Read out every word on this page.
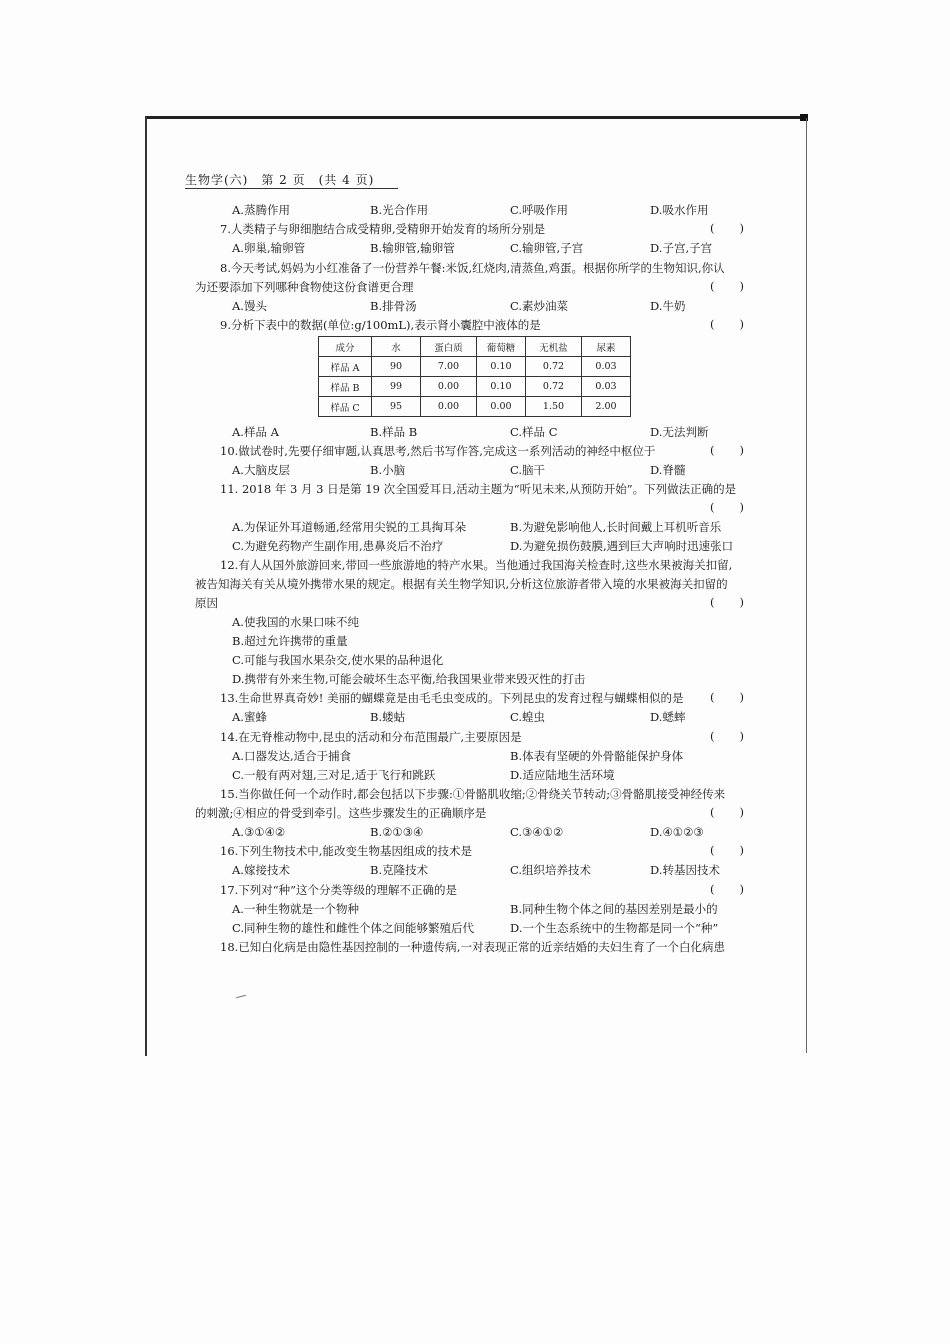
生物学(六)　第 2 页　(共 4 页)
A.蒸腾作用	B.光合作用	C.呼吸作用	D.吸水作用
7.人类精子与卵细胞结合成受精卵,受精卵开始发育的场所分别是	( )
A.卵巢,输卵管	B.输卵管,输卵管	C.输卵管,子宫	D.子宫,子宫
8.今天考试,妈妈为小红准备了一份营养午餐:米饭,红烧肉,清蒸鱼,鸡蛋。根据你所学的生物知识,你认
为还要添加下列哪种食物使这份食谱更合理	( )
A.馒头	B.排骨汤	C.素炒油菜	D.牛奶
9.分析下表中的数据(单位:g/100mL),表示肾小囊腔中液体的是	( )
成分	水	蛋白质	葡萄糖	无机盐	尿素
样品 A	90	7.00	0.10	0.72	0.03
样品 B	99	0.00	0.10	0.72	0.03
样品 C	95	0.00	0.00	1.50	2.00
A.样品 A	B.样品 B	C.样品 C	D.无法判断
10.做试卷时,先要仔细审题,认真思考,然后书写作答,完成这一系列活动的神经中枢位于	( )
A.大脑皮层	B.小脑	C.脑干	D.脊髓
11. 2018 年 3 月 3 日是第 19 次全国爱耳日,活动主题为“听见未来,从预防开始”。下列做法正确的是
( )
A.为保证外耳道畅通,经常用尖锐的工具掏耳朵	B.为避免影响他人,长时间戴上耳机听音乐
C.为避免药物产生副作用,患鼻炎后不治疗	D.为避免损伤鼓膜,遇到巨大声响时迅速张口
12.有人从国外旅游回来,带回一些旅游地的特产水果。当他通过我国海关检查时,这些水果被海关扣留,
被告知海关有关从境外携带水果的规定。根据有关生物学知识,分析这位旅游者带入境的水果被海关扣留的
原因	( )
A.使我国的水果口味不纯
B.超过允许携带的重量
C.可能与我国水果杂交,使水果的品种退化
D.携带有外来生物,可能会破坏生态平衡,给我国果业带来毁灭性的打击
13.生命世界真奇妙! 美丽的蝴蝶竟是由毛毛虫变成的。下列昆虫的发育过程与蝴蝶相似的是 ( )
A.蜜蜂	B.蝼蛄	C.蝗虫	D.蟋蟀
14.在无脊椎动物中,昆虫的活动和分布范围最广,主要原因是	( )
A.口器发达,适合于捕食	B.体表有坚硬的外骨骼能保护身体
C.一般有两对翅,三对足,适于飞行和跳跃	D.适应陆地生活环境
15.当你做任何一个动作时,都会包括以下步骤:①骨骼肌收缩;②骨绕关节转动;③骨骼肌接受神经传来
的刺激;④相应的骨受到牵引。这些步骤发生的正确顺序是	( )
A.③①④②	B.②①③④	C.③④①②	D.④①②③
16.下列生物技术中,能改变生物基因组成的技术是	( )
A.嫁接技术	B.克隆技术	C.组织培养技术	D.转基因技术
17.下列对“种”这个分类等级的理解不正确的是	( )
A.一种生物就是一个物种	B.同种生物个体之间的基因差别是最小的
C.同种生物的雄性和雌性个体之间能够繁殖后代	D.一个生态系统中的生物都是同一个“种”
18.已知白化病是由隐性基因控制的一种遗传病,一对表现正常的近亲结婚的夫妇生育了一个白化病患
